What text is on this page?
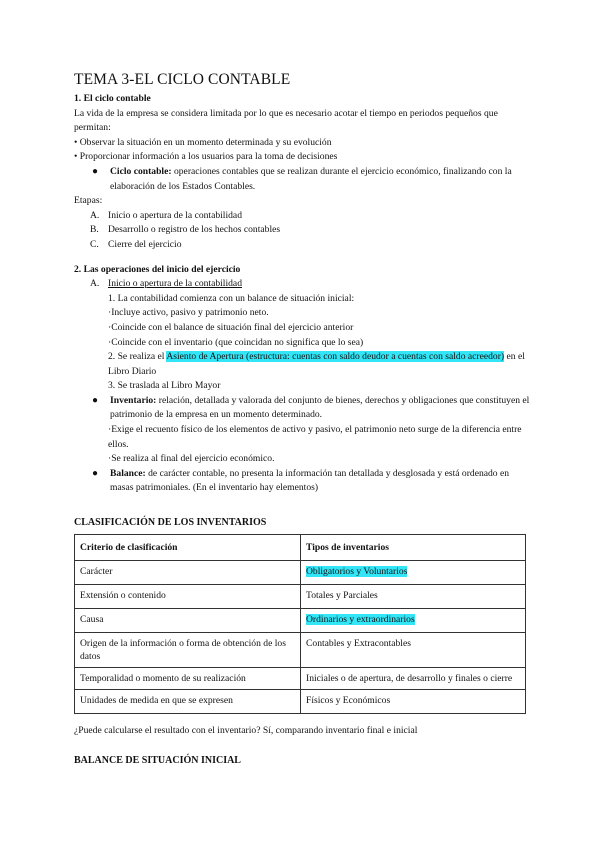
TEMA 3-EL CICLO CONTABLE

1. El ciclo contable

La vida de la empresa se considera limitada por lo que es necesario acotar el tiempo en periodos pequeños que permitan:

• Observar la situación en un momento determinada y su evolución

• Proporcionar información a los usuarios para la toma de decisiones

●	Ciclo contable: operaciones contables que se realizan durante el ejercicio económico, finalizando con la elaboración de los Estados Contables.

Etapas:

A. Inicio o apertura de la contabilidad
B. Desarrollo o registro de los hechos contables
C. Cierre del ejercicio

2. Las operaciones del inicio del ejercicio

A. Inicio o apertura de la contabilidad

1. La contabilidad comienza con un balance de situación inicial:

·Incluye activo, pasivo y patrimonio neto.

·Coincide con el balance de situación final del ejercicio anterior

·Coincide con el inventario (que coincidan no significa que lo sea)

2. Se realiza el Asiento de Apertura (estructura: cuentas con saldo deudor a cuentas con saldo acreedor) en el Libro Diario

3. Se traslada al Libro Mayor

●	Inventario: relación, detallada y valorada del conjunto de bienes, derechos y obligaciones que constituyen el patrimonio de la empresa en un momento determinado.

·Exige el recuento físico de los elementos de activo y pasivo, el patrimonio neto surge de la diferencia entre ellos.

·Se realiza al final del ejercicio económico.

●	Balance: de carácter contable, no presenta la información tan detallada y desglosada y está ordenado en masas patrimoniales. (En el inventario hay elementos)

CLASIFICACIÓN DE LOS INVENTARIOS

Criterio de clasificación	Tipos de inventarios
Carácter	Obligatorios y Voluntarios
Extensión o contenido	Totales y Parciales
Causa	Ordinarios y extraordinarios
Origen de la información o forma de obtención de los datos	Contables y Extracontables
Temporalidad o momento de su realización	Iniciales o de apertura, de desarrollo y finales o cierre
Unidades de medida en que se expresen	Físicos y Económicos

¿Puede calcularse el resultado con el inventario? Sí, comparando inventario final e inicial

BALANCE DE SITUACIÓN INICIAL
